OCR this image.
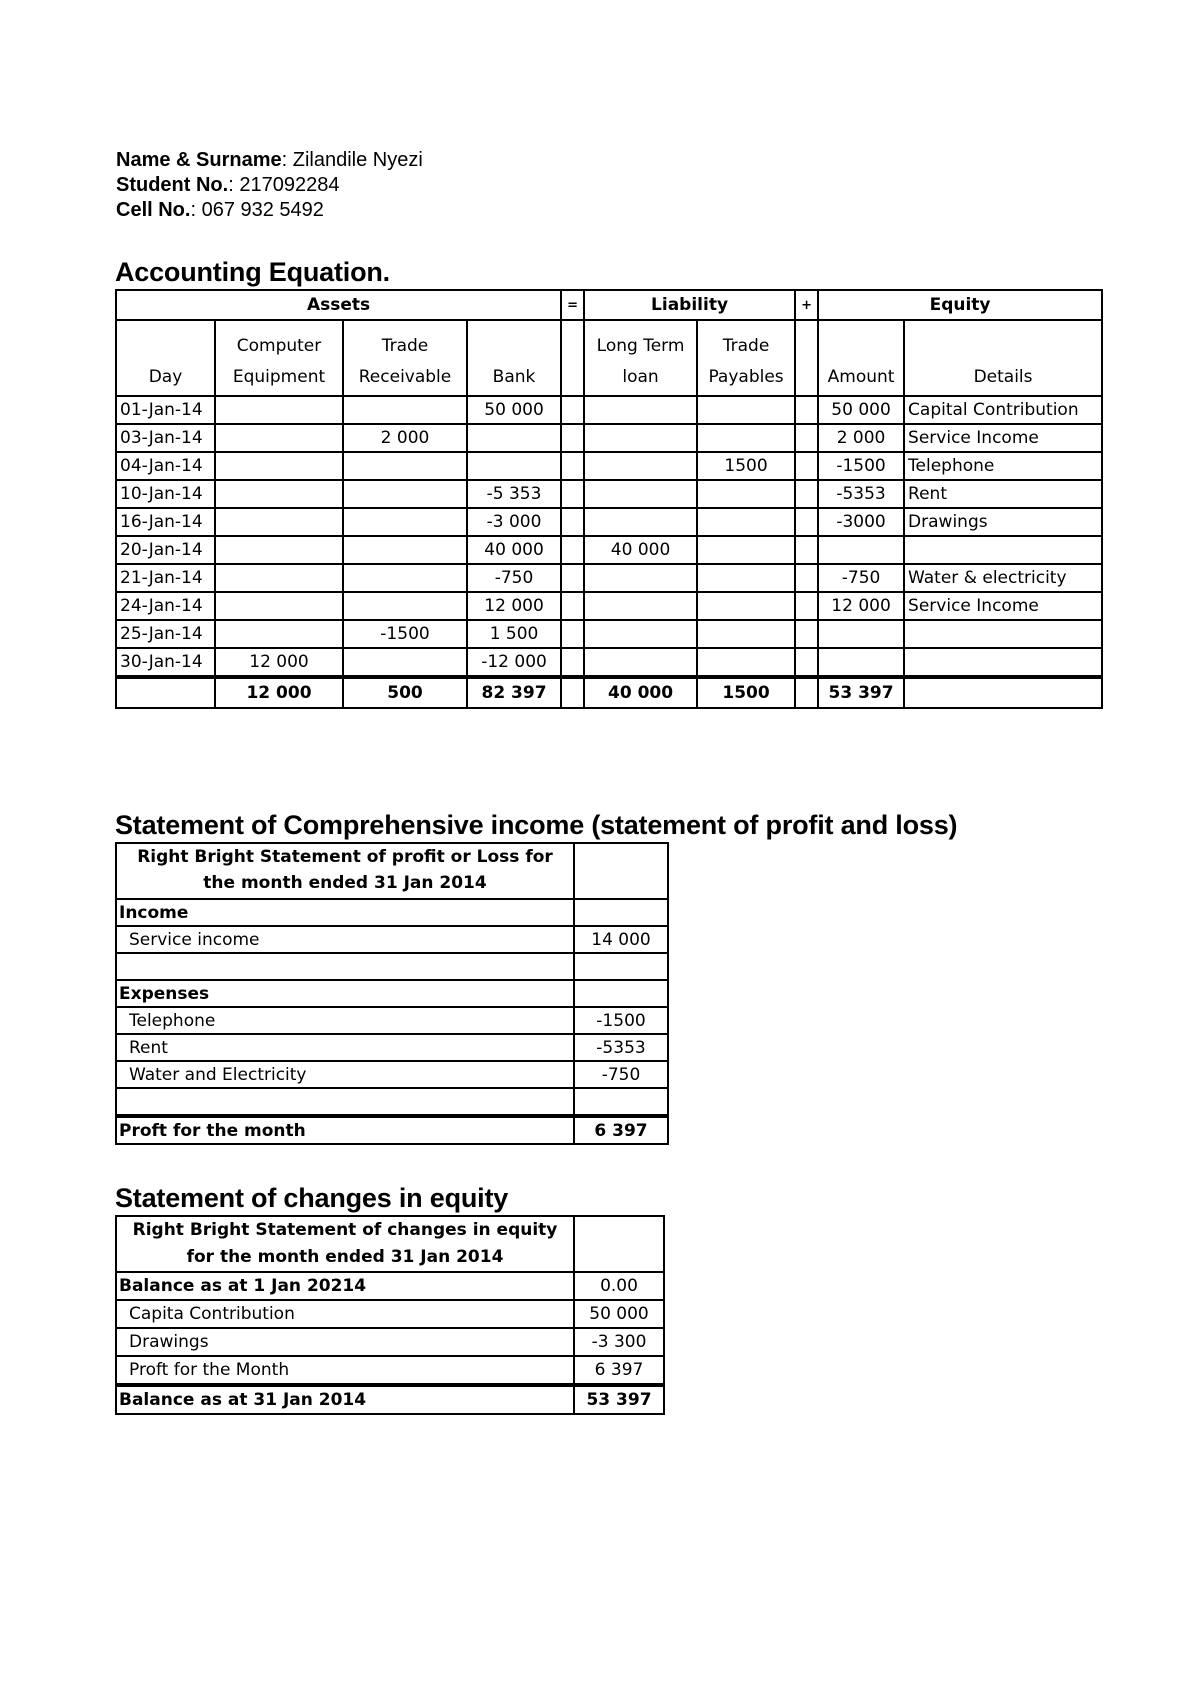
Name & Surname: Zilandile Nyezi
Student No.: 217092284
Cell No.: 067 932 5492
Accounting Equation.
Assets				=	Liability		+	Equity	
Day	Computer Equipment	Trade Receivable	Bank		Long Term loan	Trade Payables		Amount	Details
01-Jan-14			50 000					50 000	Capital Contribution
03-Jan-14		2 000						2 000	Service Income
04-Jan-14						1500		-1500	Telephone
10-Jan-14			-5 353					-5353	Rent
16-Jan-14			-3 000					-3000	Drawings
20-Jan-14			40 000		40 000				
21-Jan-14			-750					-750	Water & electricity
24-Jan-14			12 000					12 000	Service Income
25-Jan-14		-1500	1 500						
30-Jan-14	12 000		-12 000						
	12 000	500	82 397		40 000	1500		53 397	
Statement of Comprehensive income (statement of profit and loss)
Right Bright Statement of profit or Loss for the month ended 31 Jan 2014	
Income	
Service income	14 000

Expenses	
Telephone	-1500
Rent	-5353
Water and Electricity	-750

Proft for the month	6 397
Statement of changes in equity
Right Bright Statement of changes in equity for the month ended 31 Jan 2014	
Balance as at 1 Jan 20214	0.00
Capita Contribution	50 000
Drawings	-3 300
Proft for the Month	6 397
Balance as at 31 Jan 2014	53 397
